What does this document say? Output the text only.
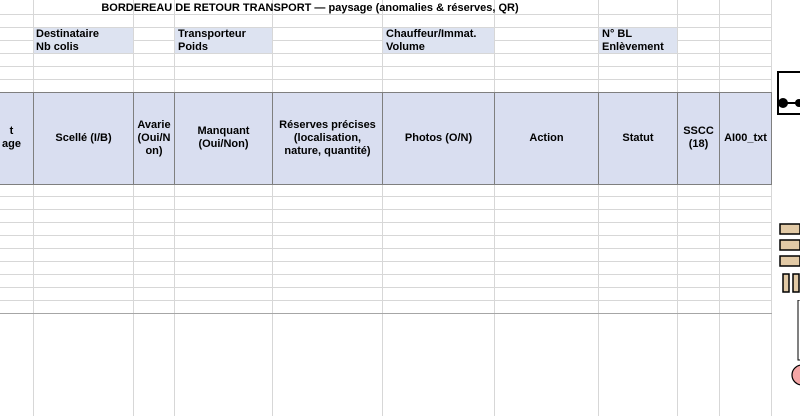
BORDEREAU DE RETOUR TRANSPORT — paysage (anomalies & réserves, QR)
Destinataire
Nb colis
Transporteur
Poids
Chauffeur/Immat.
Volume
N° BL
Enlèvement
t
age
Scellé (I/B)
Avarie
(Oui/N
on)
Manquant
(Oui/Non)
Réserves précises
(localisation,
nature, quantité)
Photos (O/N)	Action	Statut
SSCC
(18)
AI00_txt
